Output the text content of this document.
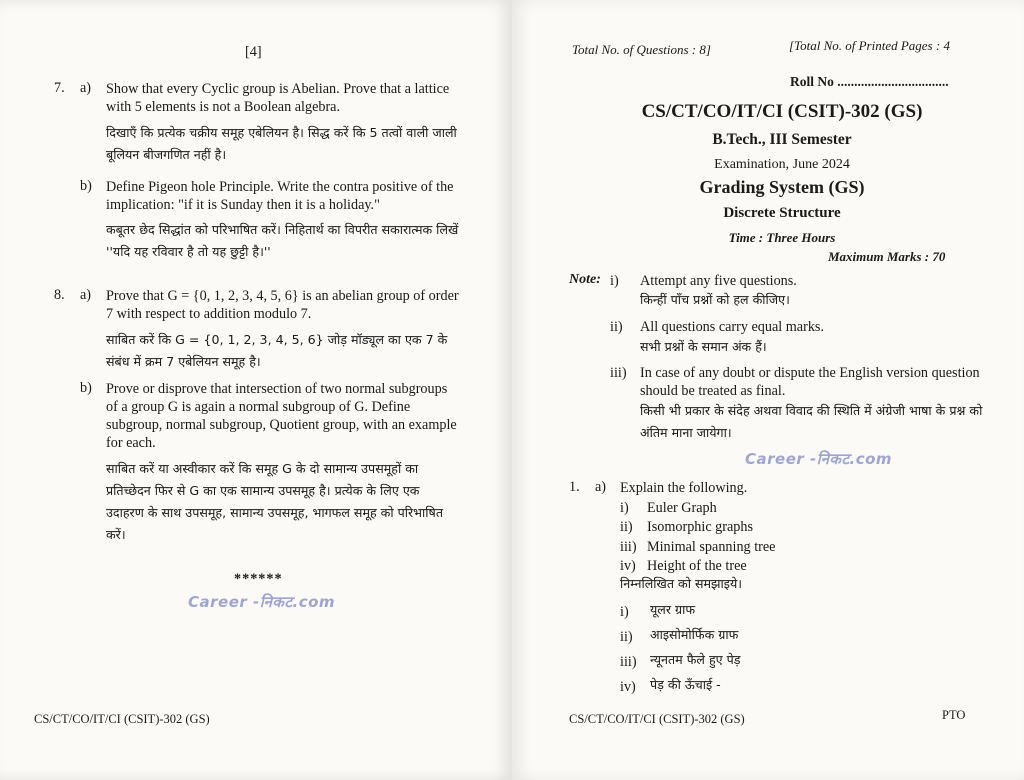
[4]
7. a) Show that every Cyclic group is Abelian. Prove that a lattice with 5 elements is not a Boolean algebra.
दिखाएँ कि प्रत्येक चक्रीय समूह एबेलियन है। सिद्ध करें कि 5 तत्वों वाली जाली बूलियन बीजगणित नहीं है।
b) Define Pigeon hole Principle. Write the contra positive of the implication: "if it is Sunday then it is a holiday."
कबूतर छेद सिद्धांत को परिभाषित करें। निहितार्थ का विपरीत सकारात्मक लिखें ''यदि यह रविवार है तो यह छुट्टी है।''
8. a) Prove that G = {0, 1, 2, 3, 4, 5, 6} is an abelian group of order 7 with respect to addition modulo 7.
साबित करें कि G = {0, 1, 2, 3, 4, 5, 6} जोड़ मॉड्यूल का एक 7 के संबंध में क्रम 7 एबेलियन समूह है।
b) Prove or disprove that intersection of two normal subgroups of a group G is again a normal subgroup of G. Define subgroup, normal subgroup, Quotient group, with an example for each.
साबित करें या अस्वीकार करें कि समूह G के दो सामान्य उपसमूहों का प्रतिच्छेदन फिर से G का एक सामान्य उपसमूह है। प्रत्येक के लिए एक उदाहरण के साथ उपसमूह, सामान्य उपसमूह, भागफल समूह को परिभाषित करें।
******
Career -निकट.com
CS/CT/CO/IT/CI (CSIT)-302 (GS)
Total No. of Questions : 8]	[Total No. of Printed Pages : 4
Roll No .................................
CS/CT/CO/IT/CI (CSIT)-302 (GS)
B.Tech., III Semester
Examination, June 2024
Grading System (GS)
Discrete Structure
Time : Three Hours
Maximum Marks : 70
Note: i) Attempt any five questions.
किन्हीं पाँच प्रश्नों को हल कीजिए।
ii) All questions carry equal marks.
सभी प्रश्नों के समान अंक हैं।
iii) In case of any doubt or dispute the English version question should be treated as final.
किसी भी प्रकार के संदेह अथवा विवाद की स्थिति में अंग्रेजी भाषा के प्रश्न को अंतिम माना जायेगा।
Career -निकट.com
1. a) Explain the following.
i) Euler Graph
ii) Isomorphic graphs
iii) Minimal spanning tree
iv) Height of the tree
निम्नलिखित को समझाइये।
i) यूलर ग्राफ
ii) आइसोमोर्फिक ग्राफ
iii) न्यूनतम फैले हुए पेड़
iv) पेड़ की ऊँचाई -
CS/CT/CO/IT/CI (CSIT)-302 (GS)	PTO
